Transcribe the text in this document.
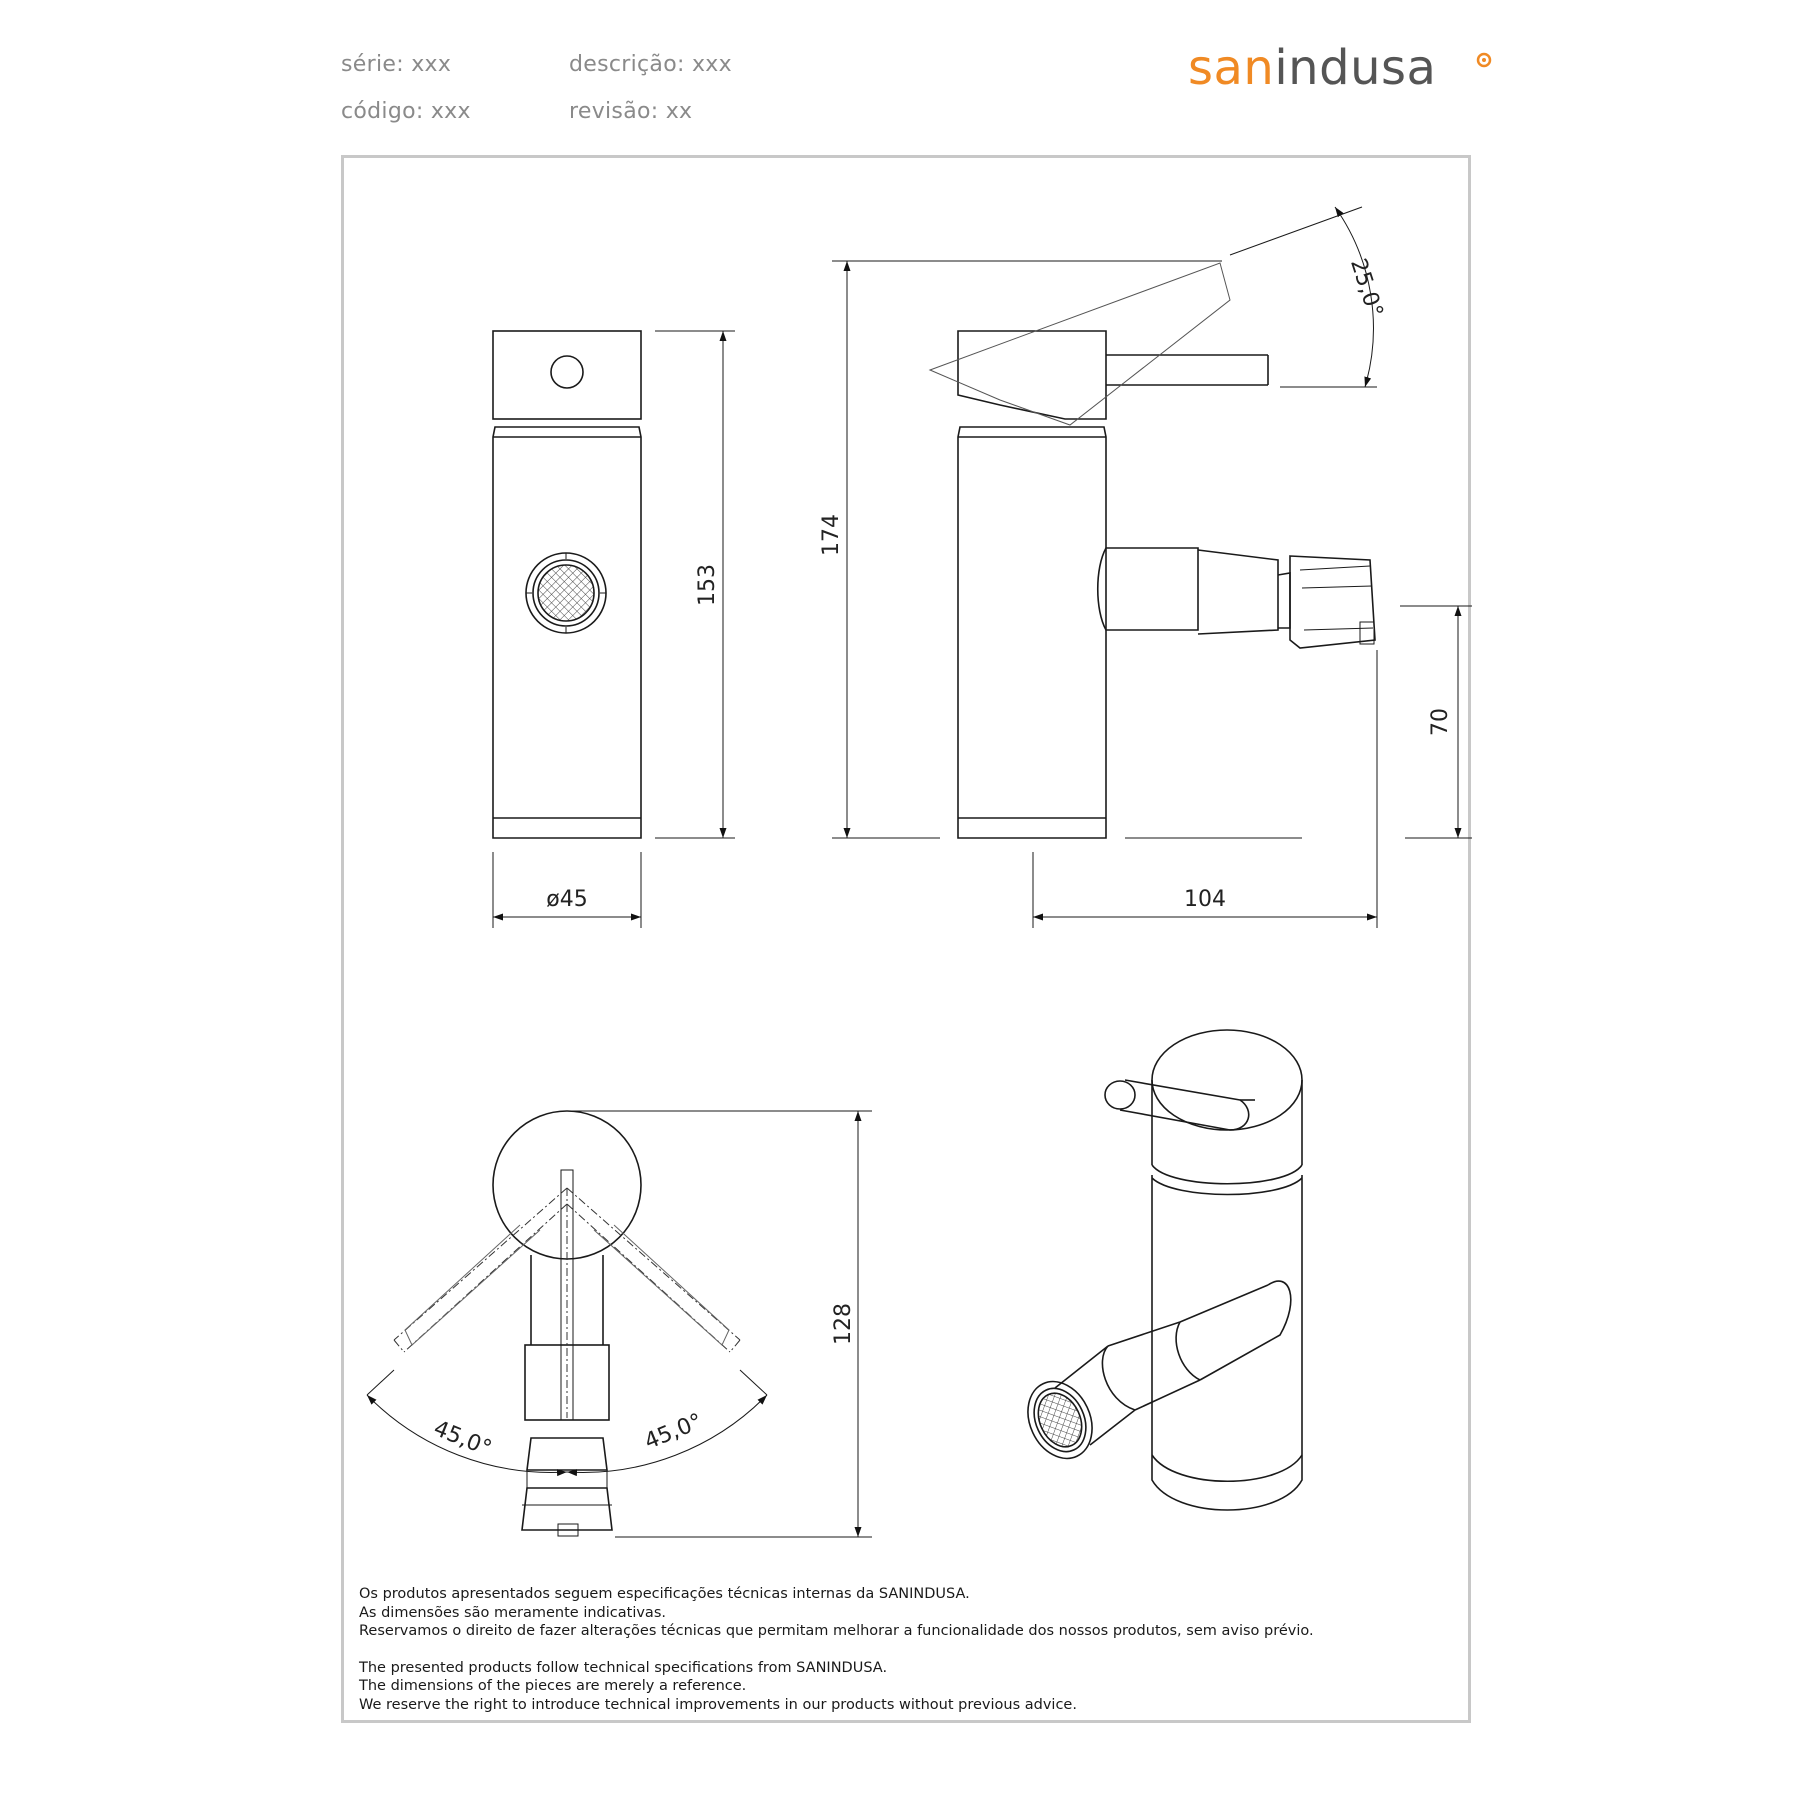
série: xxx
código: xxx
descrição: xxx
revisão: xx
sanindusa
153
ø45
174
70
104
25,0°
128
45,0°	45,0°

Os produtos apresentados seguem especificações técnicas internas da SANINDUSA.

As dimensões são meramente indicativas.

Reservamos o direito de fazer alterações técnicas que permitam melhorar a funcionalidade dos nossos produtos, sem aviso prévio.

The presented products follow technical specifications from SANINDUSA.

The dimensions of the pieces are merely a reference.

We reserve the right to introduce technical improvements in our products without previous advice.
